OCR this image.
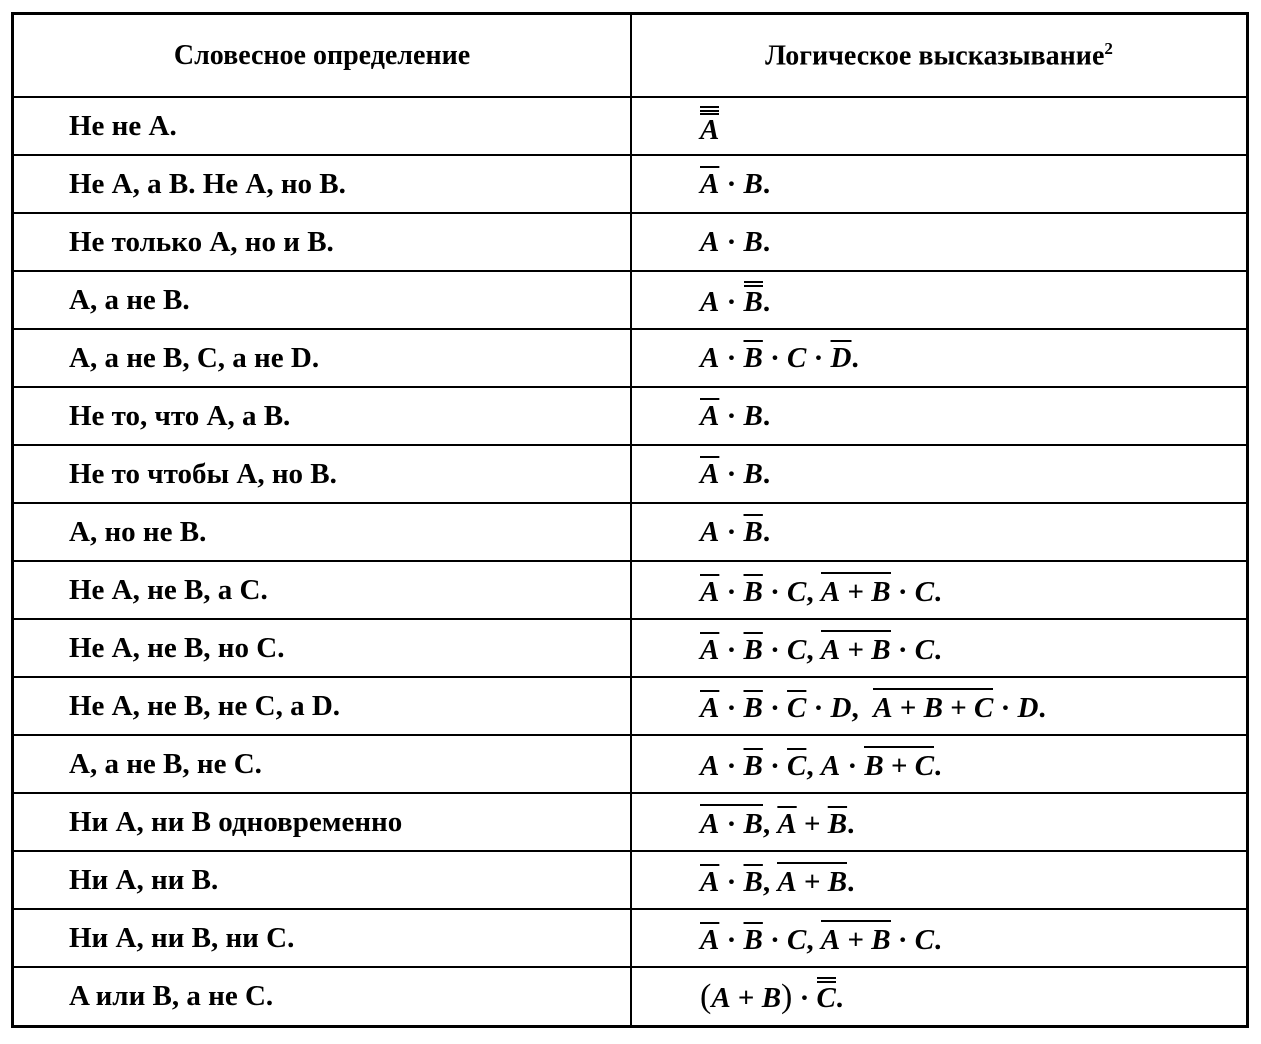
Словесное определение	Логическое высказывание$^2$
Не не A.	A
Не A, а B. Не A, но B.	$\overline{A} \cdot B$.
Не только A, но и B.	A · B.
A, а не B.	A · B.
A, а не B, C, а не D.	$A \cdot \overline{B} \cdot C \cdot \overline{D}$.
Не то, что A, а B.	$\overline{A} \cdot B$.
Не то чтобы A, но B.	$\overline{A} \cdot B$.
A, но не B.	$A \cdot \overline{B}$.
Не A, не B, а C.	$\overline{A} \cdot \overline{B} \cdot C$, A + B · C.
Не A, не B, но C.	$\overline{A} \cdot \overline{B} \cdot C$, A + B · C.
Не A, не B, не C, а D.	$\overline{A} \cdot \overline{B} \cdot \overline{C} \cdot D$,  A + B + C · D.
A, а не B, не C.	$A \cdot \overline{B} \cdot \overline{C}$, A · B + C.
Ни A, ни B одновременно	A · B, $\overline{A} + \overline{B}$.
Ни A, ни B.	$\overline{A} \cdot \overline{B}$, A + B.
Ни A, ни B, ни C.	$\overline{A} \cdot \overline{B} \cdot C$, A + B · C.
A или B, а не C.	(A + B) · C.
